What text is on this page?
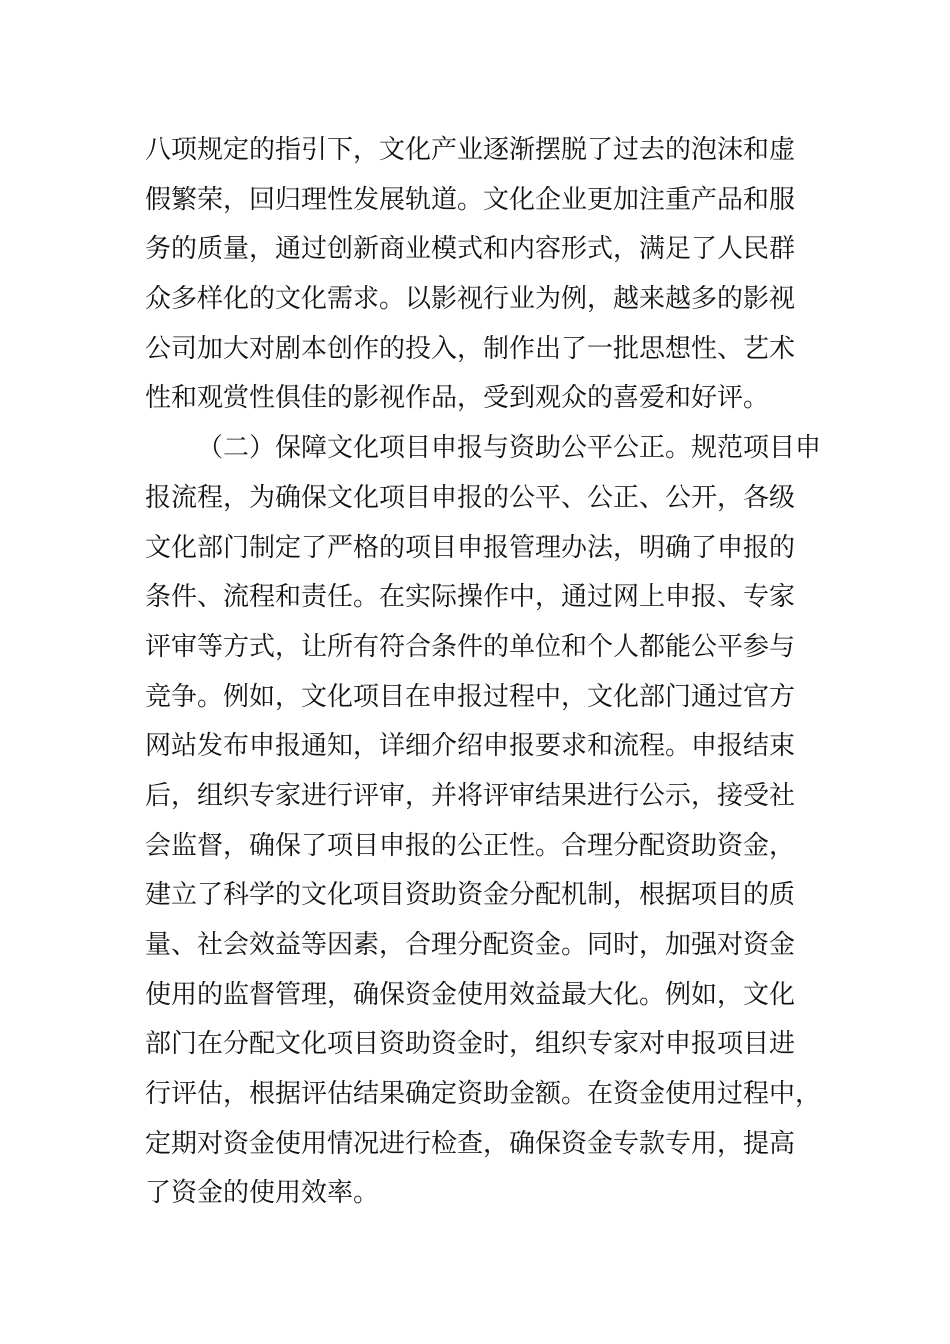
八项规定的指引下，文化产业逐渐摆脱了过去的泡沫和虚
假繁荣，回归理性发展轨道。文化企业更加注重产品和服
务的质量，通过创新商业模式和内容形式，满足了人民群
众多样化的文化需求。以影视行业为例，越来越多的影视
公司加大对剧本创作的投入，制作出了一批思想性、艺术
性和观赏性俱佳的影视作品，受到观众的喜爱和好评。
（二）保障文化项目申报与资助公平公正。规范项目申
报流程，为确保文化项目申报的公平、公正、公开，各级
文化部门制定了严格的项目申报管理办法，明确了申报的
条件、流程和责任。在实际操作中，通过网上申报、专家
评审等方式，让所有符合条件的单位和个人都能公平参与
竞争。例如，文化项目在申报过程中，文化部门通过官方
网站发布申报通知，详细介绍申报要求和流程。申报结束
后，组织专家进行评审，并将评审结果进行公示，接受社
会监督，确保了项目申报的公正性。合理分配资助资金，
建立了科学的文化项目资助资金分配机制，根据项目的质
量、社会效益等因素，合理分配资金。同时，加强对资金
使用的监督管理，确保资金使用效益最大化。例如，文化
部门在分配文化项目资助资金时，组织专家对申报项目进
行评估，根据评估结果确定资助金额。在资金使用过程中，
定期对资金使用情况进行检查，确保资金专款专用，提高
了资金的使用效率。
